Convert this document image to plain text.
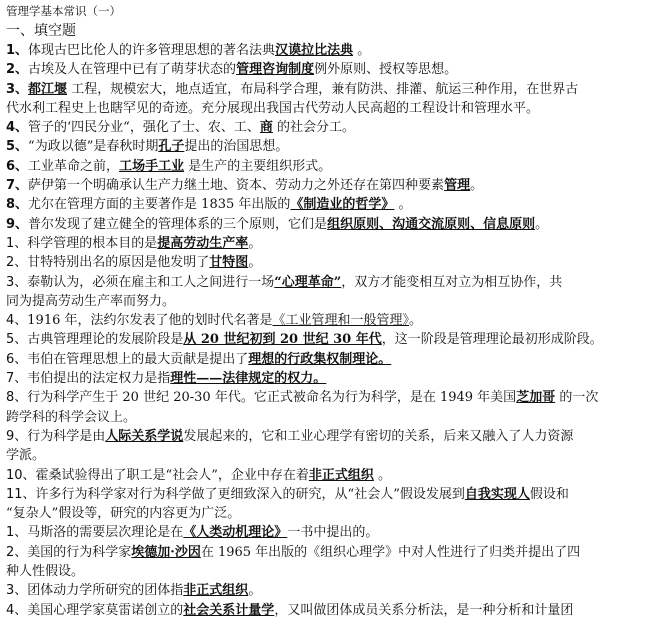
管理学基本常识（一）
一、填空题
1、体现古巴比伦人的许多管理思想的著名法典汉谟拉比法典 。
2、古埃及人在管理中已有了萌芽状态的管理咨询制度例外原则、授权等思想。
3、都江堰 工程，规模宏大，地点适宜，布局科学合理，兼有防洪、排灌、航运三种作用，在世界古
代水利工程史上也瞎罕见的奇迹。充分展现出我国古代劳动人民高超的工程设计和管理水平。
4、管子的‘四民分业“，强化了士、农、工、商 的社会分工。
5、“为政以德”是春秋时期孔子提出的治国思想。
6、工业革命之前，工场手工业 是生产的主要组织形式。
7、萨伊第一个明确承认生产力继土地、资本、劳动力之外还存在第四种要素管理。
8、尤尔在管理方面的主要著作是 1835 年出版的《制造业的哲学》 。
9、普尔发现了建立健全的管理体系的三个原则，它们是组织原则、沟通交流原则、信息原则。
1、科学管理的根本目的是提高劳动生产率。
2、甘特特别出名的原因是他发明了甘特图。
3、泰勒认为，必须在雇主和工人之间进行一场“心理革命”，双方才能变相互对立为相互协作，共
同为提高劳动生产率而努力。
4、1916 年，法约尔发表了他的划时代名著是《工业管理和一般管理》。
5、古典管理理论的发展阶段是从 20 世纪初到 20 世纪 30 年代，这一阶段是管理理论最初形成阶段。
6、韦伯在管理思想上的最大贡献是提出了理想的行政集权制理论。
7、韦伯提出的法定权力是指理性——法律规定的权力。
8、行为科学产生于 20 世纪 20-30 年代。它正式被命名为行为科学，是在 1949 年美国芝加哥 的一次
跨学科的科学会议上。
9、行为科学是由人际关系学说发展起来的，它和工业心理学有密切的关系，后来又融入了人力资源
学派。
10、霍桑试验得出了职工是“社会人”，企业中存在着非正式组织 。
11、许多行为科学家对行为科学做了更细致深入的研究，从“社会人”假设发展到自我实现人假设和
“复杂人”假设等，研究的内容更为广泛。
1、马斯洛的需要层次理论是在《人类动机理论》一书中提出的。
2、美国的行为科学家埃德加·沙因在 1965 年出版的《组织心理学》中对人性进行了归类并提出了四
种人性假设。
3、团体动力学所研究的团体指非正式组织。
4、美国心理学家莫雷诺创立的社会关系计量学，又叫做团体成员关系分析法，是一种分析和计量团
